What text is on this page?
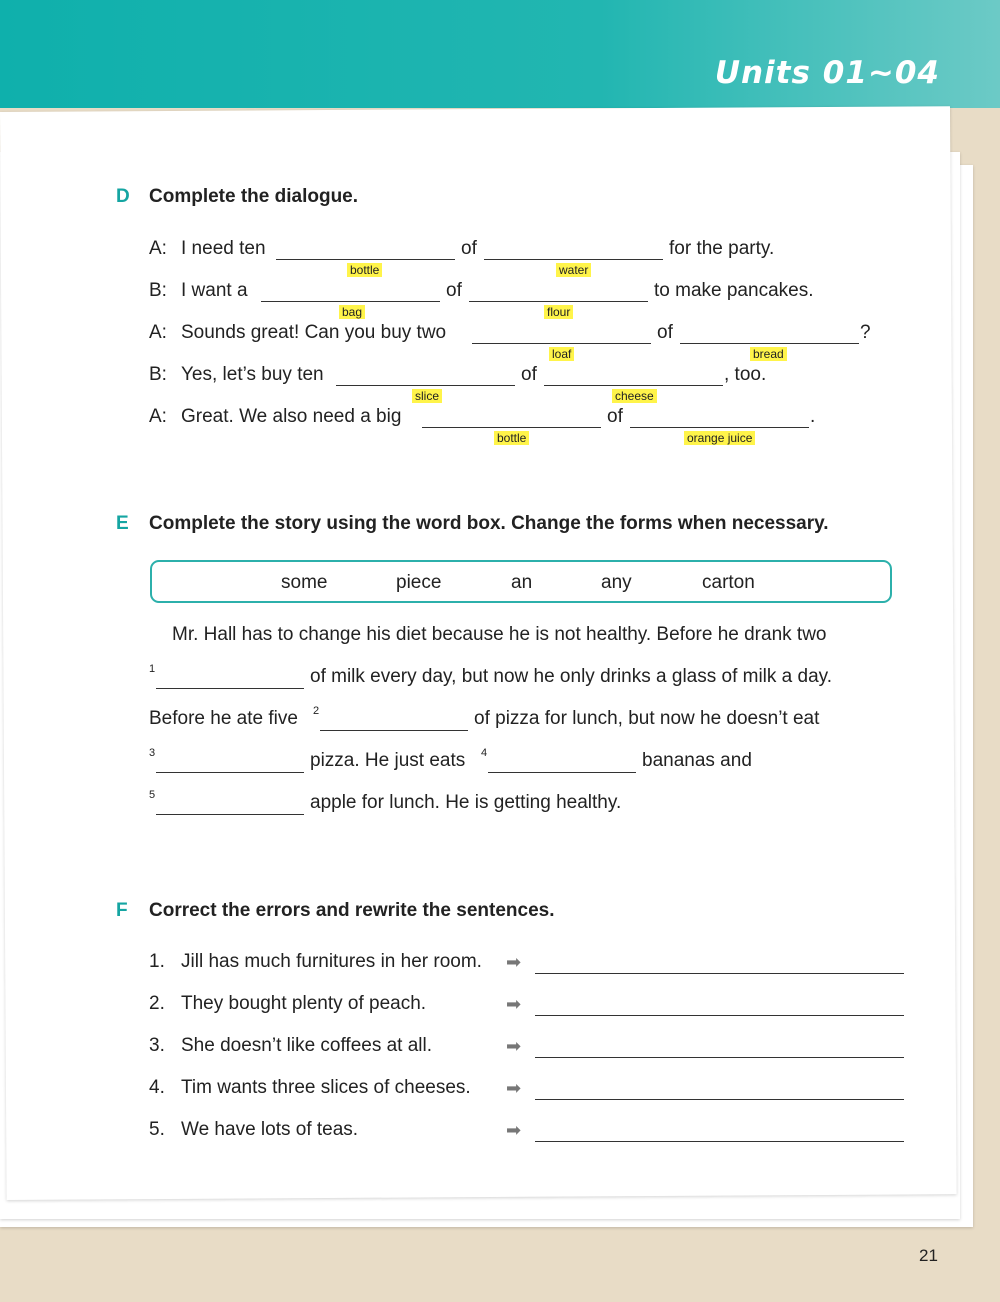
Units 01~04
D Complete the dialogue.
A: I need ten	of	for the party.
bottle	water
B: I want a	of	to make pancakes.
bag	flour
A: Sounds great! Can you buy two	of	?
loaf	bread
B: Yes, let’s buy ten	of	, too.
slice	cheese
A: Great. We also need a big	of	.
bottle	orange juice
E Complete the story using the word box. Change the forms when necessary.
some	piece	an	any	carton
Mr. Hall has to change his diet because he is not healthy. Before he drank two
1	of milk every day, but now he only drinks a glass of milk a day.
Before he ate five 2	of pizza for lunch, but now he doesn’t eat
3	pizza. He just eats 4	bananas and
5	apple for lunch. He is getting healthy.
F Correct the errors and rewrite the sentences.
1. Jill has much furnitures in her room. ➡
2. They bought plenty of peach.	➡
3. She doesn’t like coffees at all.	➡
4. Tim wants three slices of cheeses. ➡
5. We have lots of teas.	➡
21
